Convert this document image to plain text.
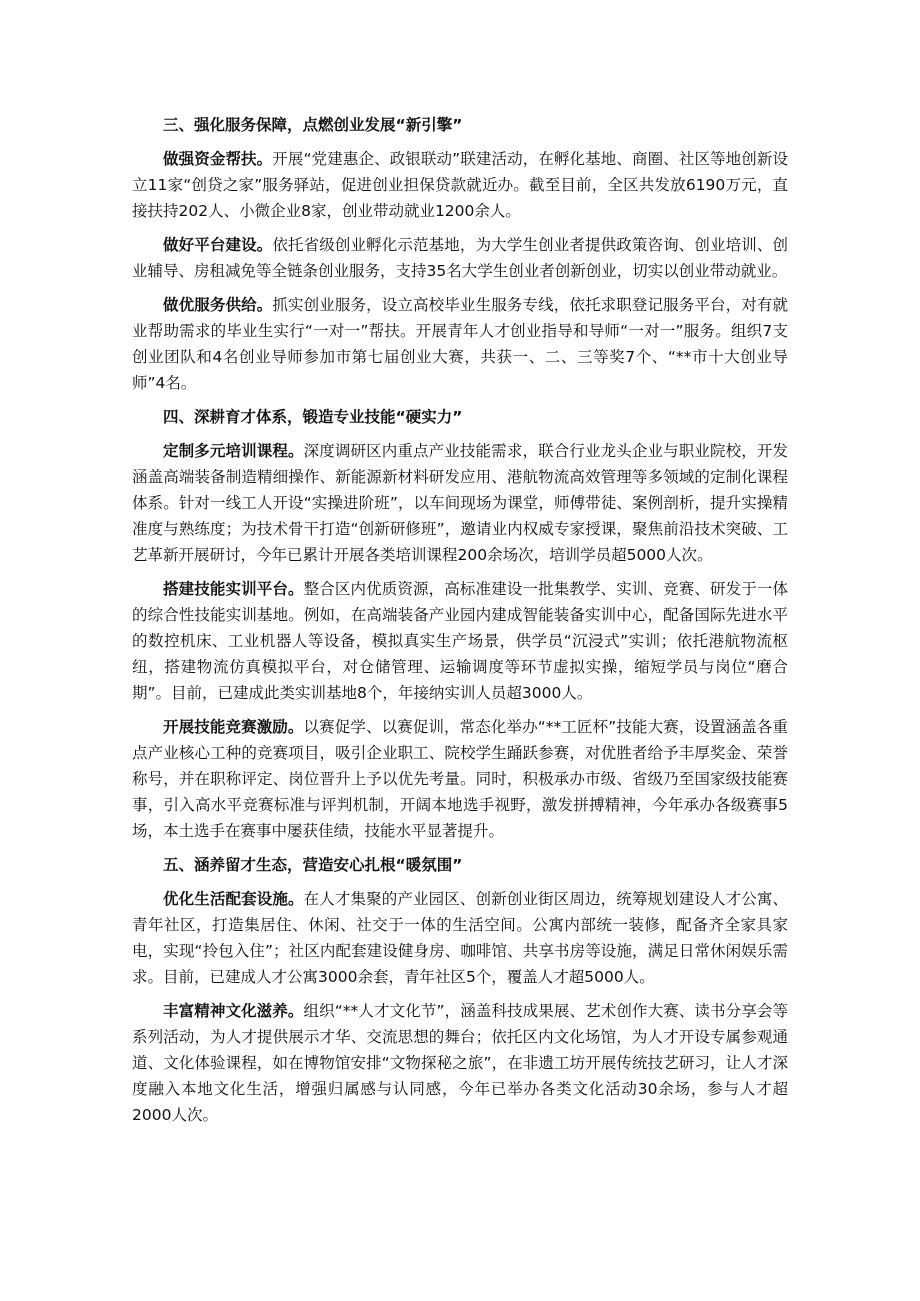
三、强化服务保障，点燃创业发展“新引擎”
做强资金帮扶。开展“党建惠企、政银联动”联建活动，在孵化基地、商圈、社区等地创新设立11家“创贷之家”服务驿站，促进创业担保贷款就近办。截至目前，全区共发放6190万元，直接扶持202人、小微企业8家，创业带动就业1200余人。
做好平台建设。依托省级创业孵化示范基地，为大学生创业者提供政策咨询、创业培训、创业辅导、房租减免等全链条创业服务，支持35名大学生创业者创新创业，切实以创业带动就业。
做优服务供给。抓实创业服务，设立高校毕业生服务专线，依托求职登记服务平台，对有就业帮助需求的毕业生实行“一对一”帮扶。开展青年人才创业指导和导师“一对一”服务。组织7支创业团队和4名创业导师参加市第七届创业大赛，共获一、二、三等奖7个、“**市十大创业导师”4名。
四、深耕育才体系，锻造专业技能“硬实力”
定制多元培训课程。深度调研区内重点产业技能需求，联合行业龙头企业与职业院校，开发涵盖高端装备制造精细操作、新能源新材料研发应用、港航物流高效管理等多领域的定制化课程体系。针对一线工人开设“实操进阶班”，以车间现场为课堂，师傅带徒、案例剖析，提升实操精准度与熟练度；为技术骨干打造“创新研修班”，邀请业内权威专家授课，聚焦前沿技术突破、工艺革新开展研讨，今年已累计开展各类培训课程200余场次，培训学员超5000人次。
搭建技能实训平台。整合区内优质资源，高标准建设一批集教学、实训、竞赛、研发于一体的综合性技能实训基地。例如，在高端装备产业园内建成智能装备实训中心，配备国际先进水平的数控机床、工业机器人等设备，模拟真实生产场景，供学员“沉浸式”实训；依托港航物流枢纽，搭建物流仿真模拟平台，对仓储管理、运输调度等环节虚拟实操，缩短学员与岗位“磨合期”。目前，已建成此类实训基地8个，年接纳实训人员超3000人。
开展技能竞赛激励。以赛促学、以赛促训，常态化举办“**工匠杯”技能大赛，设置涵盖各重点产业核心工种的竞赛项目，吸引企业职工、院校学生踊跃参赛，对优胜者给予丰厚奖金、荣誉称号，并在职称评定、岗位晋升上予以优先考量。同时，积极承办市级、省级乃至国家级技能赛事，引入高水平竞赛标准与评判机制，开阔本地选手视野，激发拼搏精神，今年承办各级赛事5场，本土选手在赛事中屡获佳绩，技能水平显著提升。
五、涵养留才生态，营造安心扎根“暖氛围”
优化生活配套设施。在人才集聚的产业园区、创新创业街区周边，统筹规划建设人才公寓、青年社区，打造集居住、休闲、社交于一体的生活空间。公寓内部统一装修，配备齐全家具家电，实现“拎包入住”；社区内配套建设健身房、咖啡馆、共享书房等设施，满足日常休闲娱乐需求。目前，已建成人才公寓3000余套，青年社区5个，覆盖人才超5000人。
丰富精神文化滋养。组织“**人才文化节”，涵盖科技成果展、艺术创作大赛、读书分享会等系列活动，为人才提供展示才华、交流思想的舞台；依托区内文化场馆，为人才开设专属参观通道、文化体验课程，如在博物馆安排“文物探秘之旅”，在非遗工坊开展传统技艺研习，让人才深度融入本地文化生活，增强归属感与认同感，今年已举办各类文化活动30余场，参与人才超2000人次。
